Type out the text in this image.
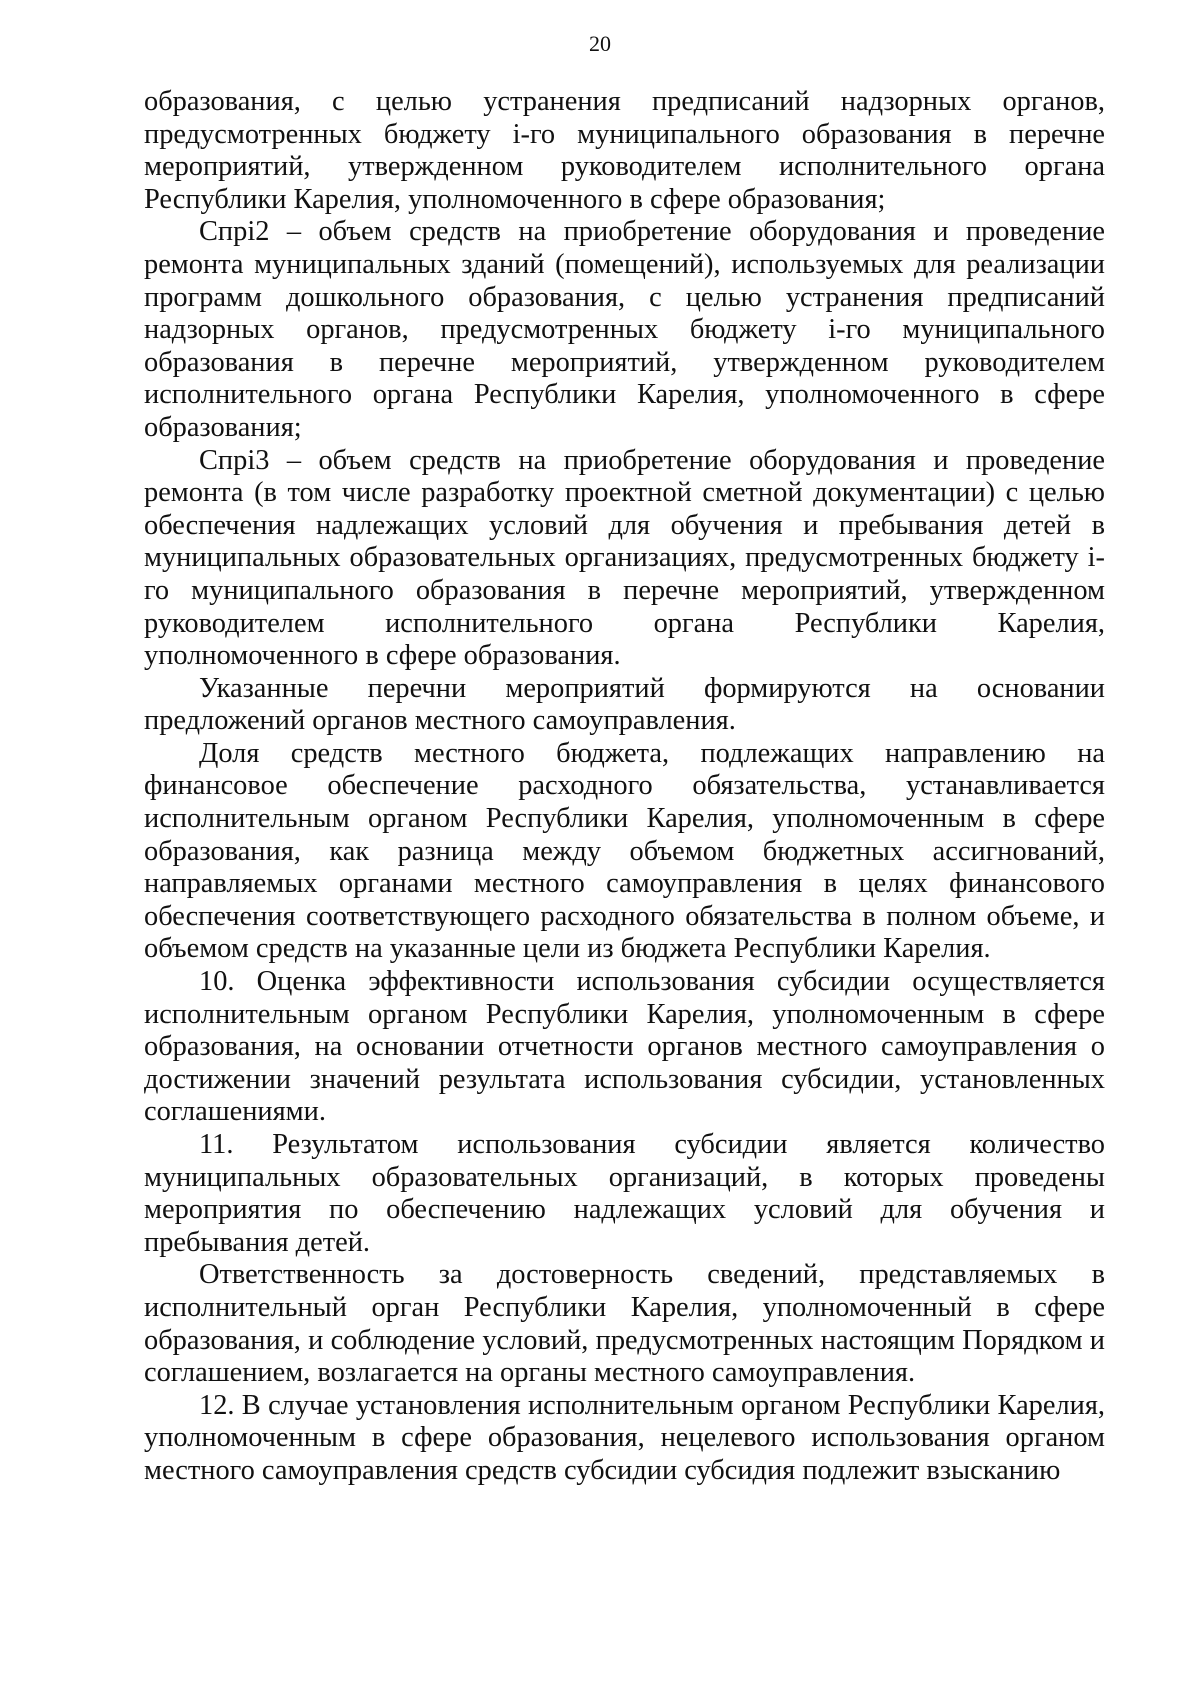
20

образования, с целью устранения предписаний надзорных органов, предусмотренных бюджету i-го муниципального образования в перечне мероприятий, утвержденном руководителем исполнительного органа Республики Карелия, уполномоченного в сфере образования;

Cпрi2 – объем средств на приобретение оборудования и проведение ремонта муниципальных зданий (помещений), используемых для реализации программ дошкольного образования, с целью устранения предписаний надзорных органов, предусмотренных бюджету i-го муниципального образования в перечне мероприятий, утвержденном руководителем исполнительного органа Республики Карелия, уполномоченного в сфере образования;

Cпрi3 – объем средств на приобретение оборудования и проведение ремонта (в том числе разработку проектной сметной документации) с целью обеспечения надлежащих условий для обучения и пребывания детей в муниципальных образовательных организациях, предусмотренных бюджету i-го муниципального образования в перечне мероприятий, утвержденном руководителем исполнительного органа Республики Карелия, уполномоченного в сфере образования.

Указанные перечни мероприятий формируются на основании предложений органов местного самоуправления.

Доля средств местного бюджета, подлежащих направлению на финансовое обеспечение расходного обязательства, устанавливается исполнительным органом Республики Карелия, уполномоченным в сфере образования, как разница между объемом бюджетных ассигнований, направляемых органами местного самоуправления в целях финансового обеспечения соответствующего расходного обязательства в полном объеме, и объемом средств на указанные цели из бюджета Республики Карелия.

10. Оценка эффективности использования субсидии осуществляется исполнительным органом Республики Карелия, уполномоченным в сфере образования, на основании отчетности органов местного самоуправления о достижении значений результата использования субсидии, установленных соглашениями.

11. Результатом использования субсидии является количество муниципальных образовательных организаций, в которых проведены мероприятия по обеспечению надлежащих условий для обучения и пребывания детей.

Ответственность за достоверность сведений, представляемых в исполнительный орган Республики Карелия, уполномоченный в сфере образования, и соблюдение условий, предусмотренных настоящим Порядком и соглашением, возлагается на органы местного самоуправления.

12. В случае установления исполнительным органом Республики Карелия, уполномоченным в сфере образования, нецелевого использования органом местного самоуправления средств субсидии субсидия подлежит взысканию
